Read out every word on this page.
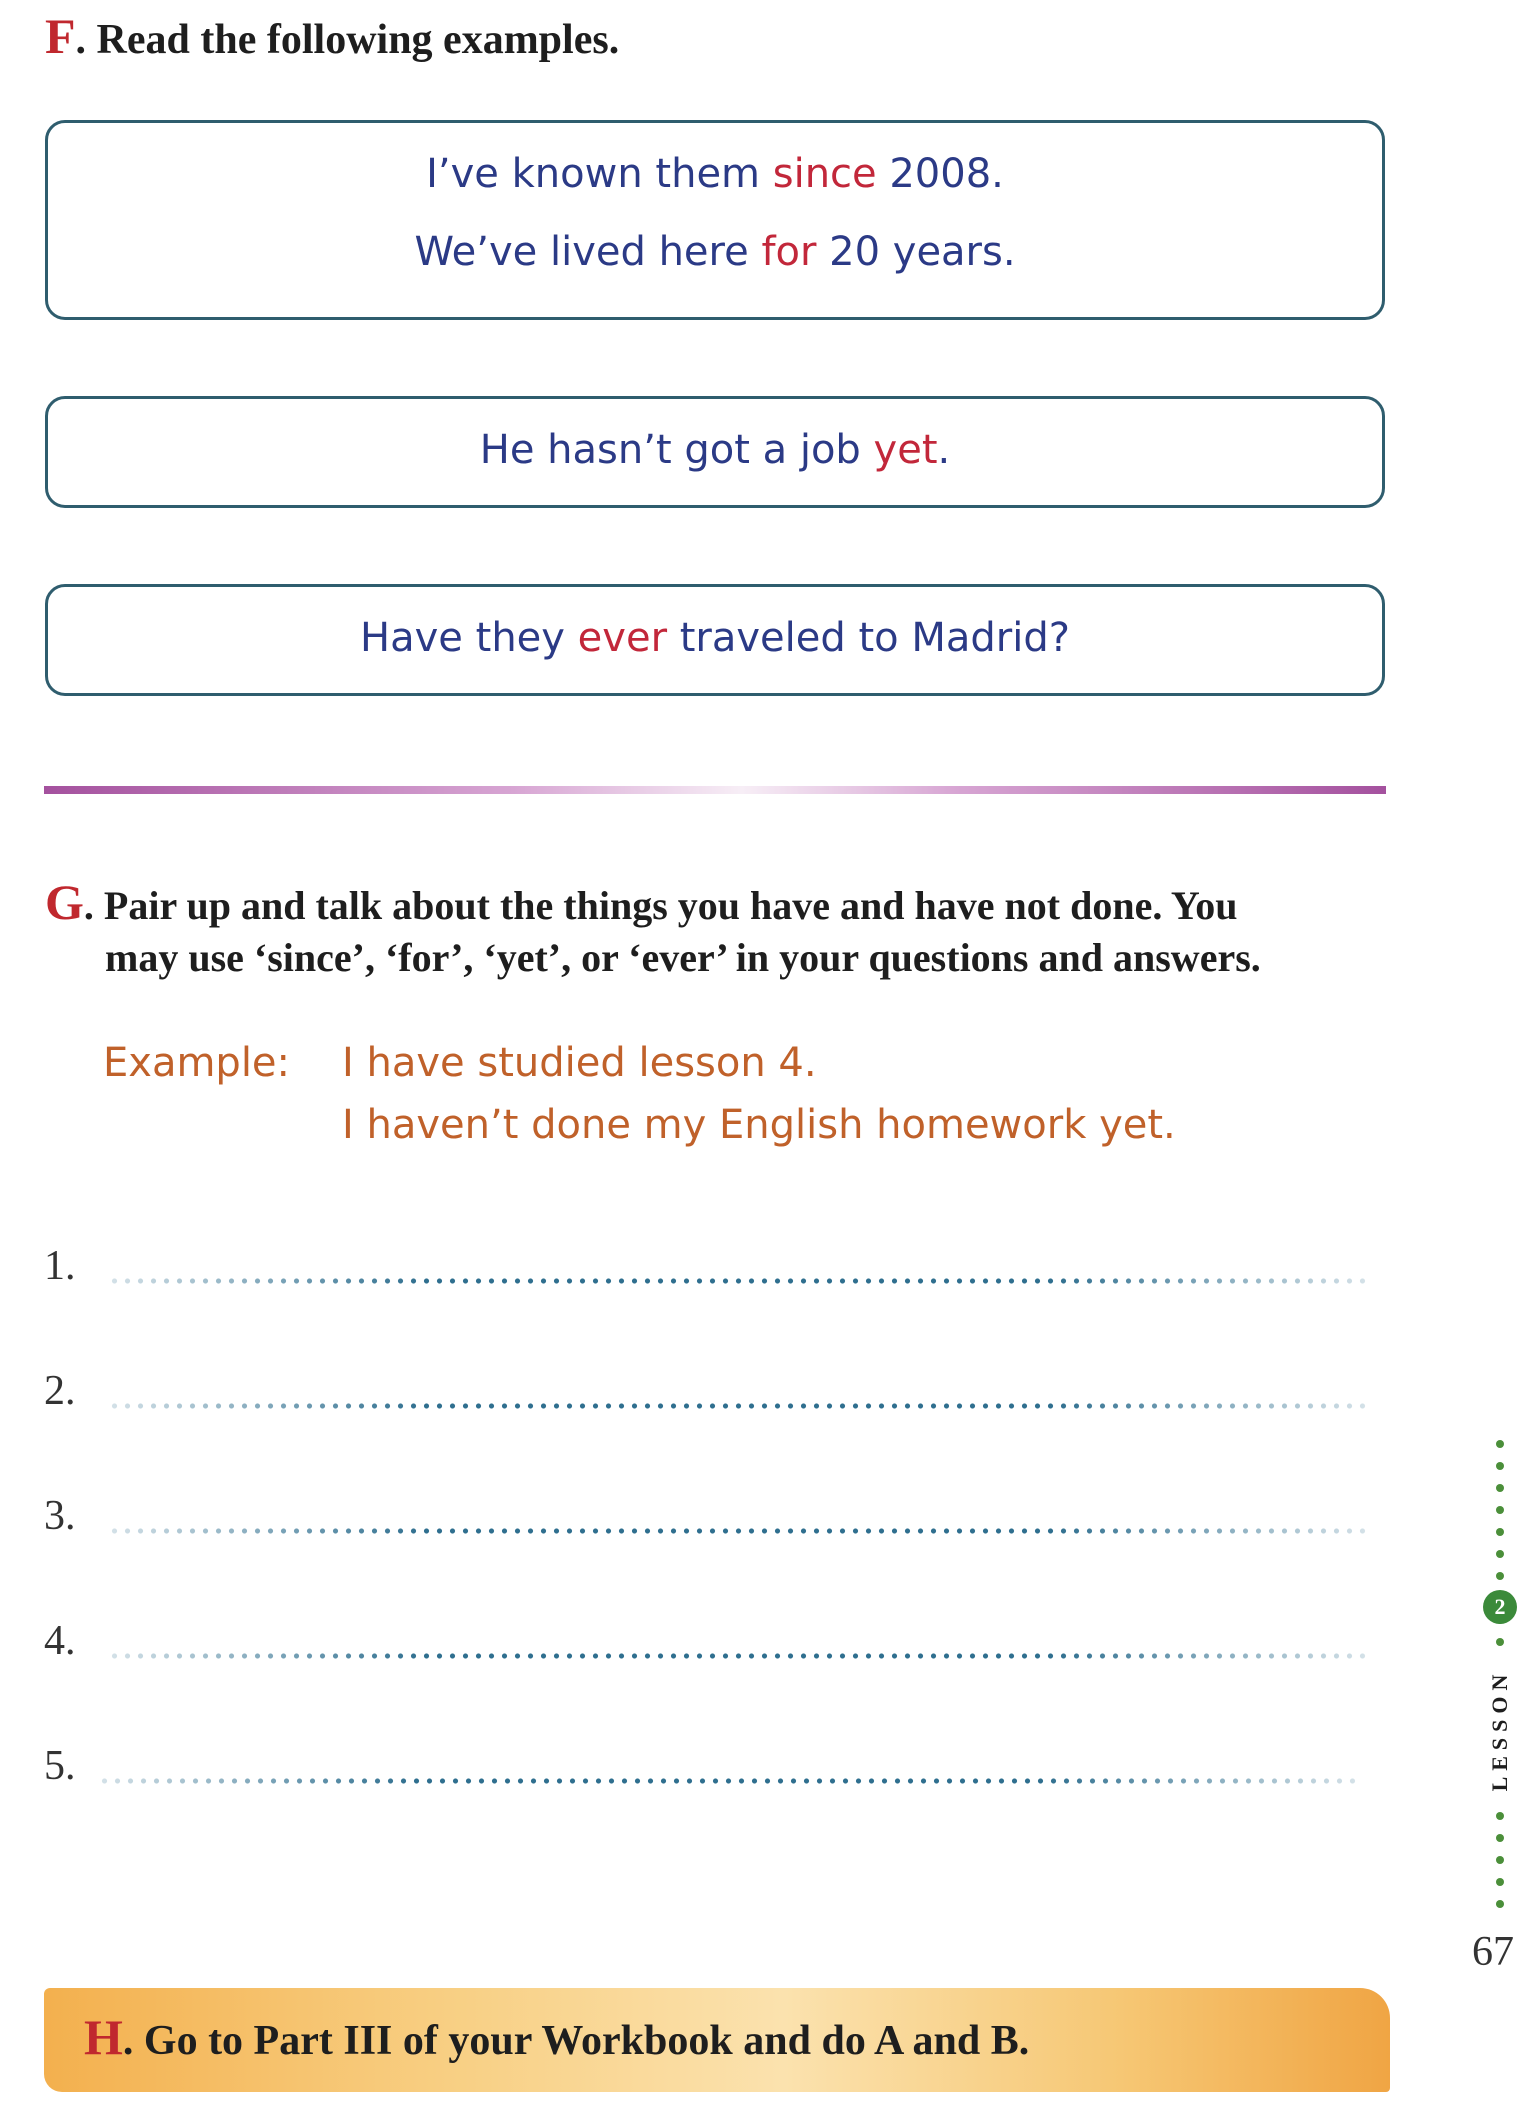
F. Read the following examples.
I’ve known them since 2008.
We’ve lived here for 20 years.
He hasn’t got a job yet.
Have they ever traveled to Madrid?
G. Pair up and talk about the things you have and have not done. You
may use ‘since’, ‘for’, ‘yet’, or ‘ever’ in your questions and answers.
Example: I have studied lesson 4.
I haven’t done my English homework yet.
1.
2.
3.
4.
5.
2
LESSON
67
H. Go to Part III of your Workbook and do A and B.
